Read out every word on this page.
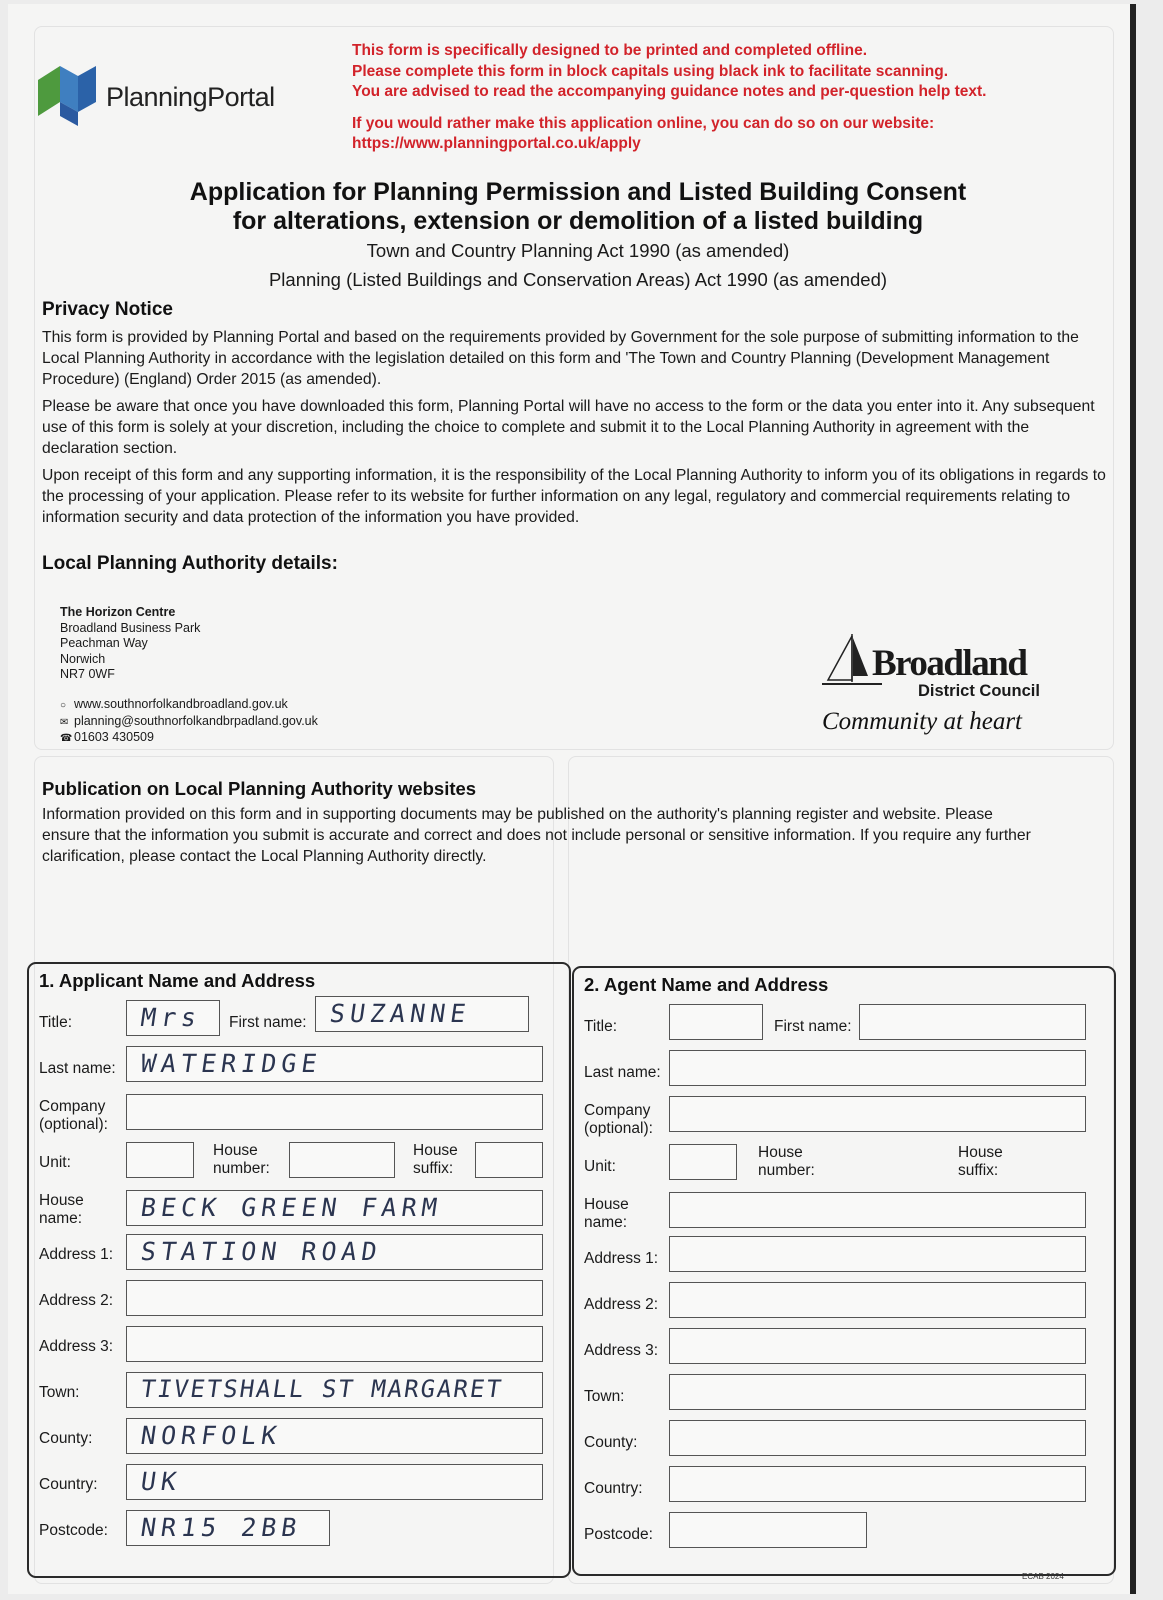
PlanningPortal

This form is specifically designed to be printed and completed offline.

Please complete this form in block capitals using black ink to facilitate scanning.

You are advised to read the accompanying guidance notes and per-question help text.

If you would rather make this application online, you can do so on our website:

https://www.planningportal.co.uk/apply

Application for Planning Permission and Listed Building Consent
for alterations, extension or demolition of a listed building

Town and Country Planning Act 1990 (as amended)

Planning (Listed Buildings and Conservation Areas) Act 1990 (as amended)

Privacy Notice

This form is provided by Planning Portal and based on the requirements provided by Government for the sole purpose of submitting information to the Local Planning Authority in accordance with the legislation detailed on this form and 'The Town and Country Planning (Development Management Procedure) (England) Order 2015 (as amended).

Please be aware that once you have downloaded this form, Planning Portal will have no access to the form or the data you enter into it. Any subsequent use of this form is solely at your discretion, including the choice to complete and submit it to the Local Planning Authority in agreement with the declaration section.

Upon receipt of this form and any supporting information, it is the responsibility of the Local Planning Authority to inform you of its obligations in regards to the processing of your application. Please refer to its website for further information on any legal, regulatory and commercial requirements relating to information security and data protection of the information you have provided.

Local Planning Authority details:
The Horizon Centre
Broadland Business Park
Peachman Way
Norwich
NR7 0WF
○ www.southnorfolkandbroadland.gov.uk
✉ planning@southnorfolkandbrpadland.gov.uk
☎ 01603 430509
Broadland
District Council
Community at heart
Publication on Local Planning Authority websites
Information provided on this form and in supporting documents may be published on the authority's planning register and website. Please ensure that the information you submit is accurate and correct and does not include personal or sensitive information. If you require any further clarification, please contact the Local Planning Authority directly.
1. Applicant Name and Address
Title:	Mrs First name: SUZANNE
Last name: WATERIDGE
Company
(optional):
Unit:
House
number:
House
suffix:
House
name: BECK GREEN FARM
Address 1: STATION ROAD
Address 2:
Address 3:
Town: TIVETSHALL ST MARGARET
County: NORFOLK
Country: UK
Postcode: NR15 2BB
2. Agent Name and Address
Title:	First name:
Last name:
Company
(optional):
Unit:
House
number:
House
suffix:
House
name:
Address 1:
Address 2:
Address 3:
Town:
County:
Country:
Postcode:
ECAB 2024
